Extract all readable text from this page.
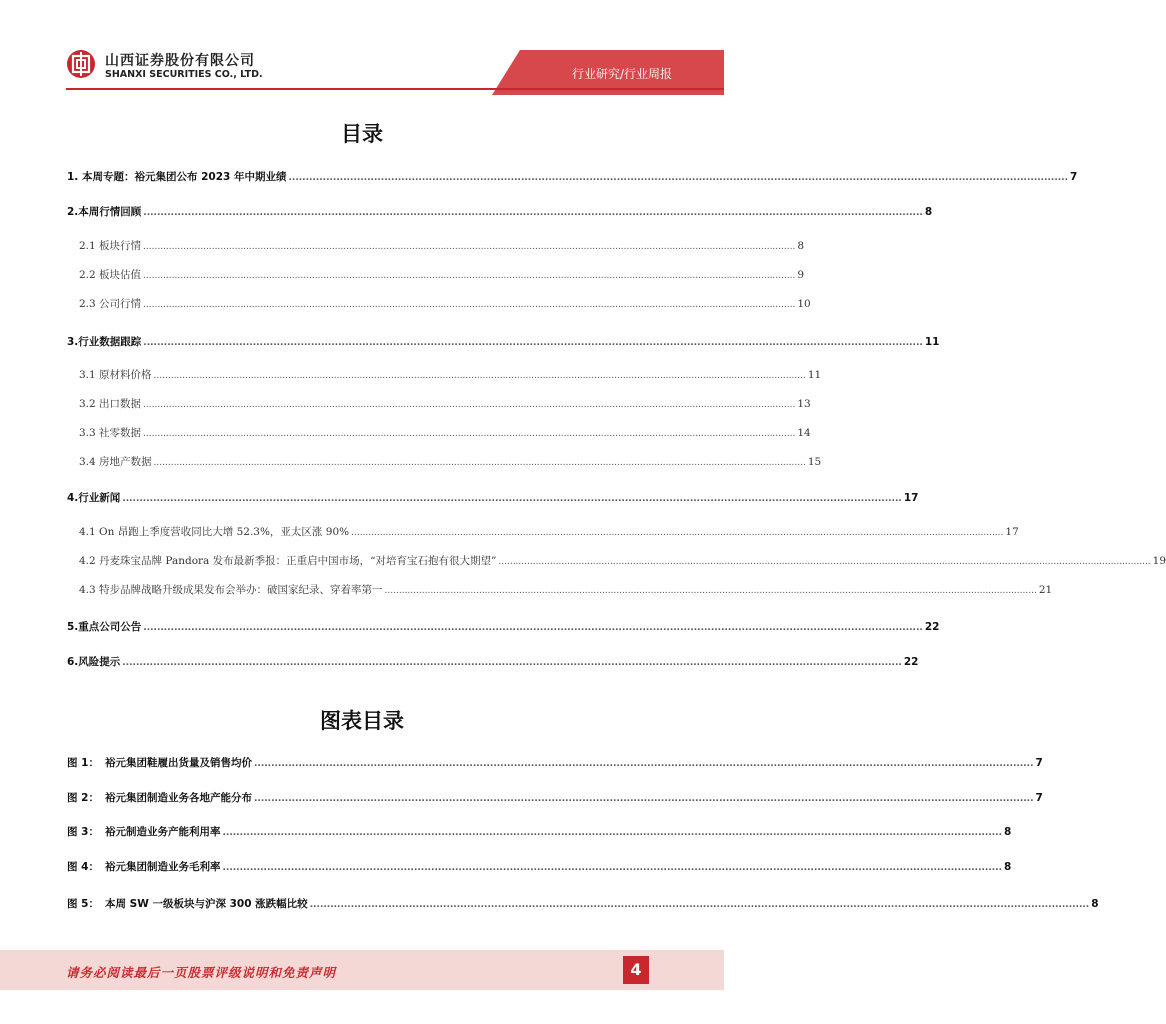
山西证券股份有限公司
SHANXI SECURITIES CO., LTD.	行业研究/行业周报
目录
1. 本周专题：裕元集团公布 2023 年中期业绩 .................................................................................................................................................................................................................................... 7
2.本周行情回顾 .................................................................................................................................................................................................................................... 8
2.1 板块行情 .................................................................................................................................................................................................................................... 8
2.2 板块估值 .................................................................................................................................................................................................................................... 9
2.3 公司行情 .................................................................................................................................................................................................................................... 10
3.行业数据跟踪 .................................................................................................................................................................................................................................... 11
3.1 原材料价格 .................................................................................................................................................................................................................................... 11
3.2 出口数据 .................................................................................................................................................................................................................................... 13
3.3 社零数据 .................................................................................................................................................................................................................................... 14
3.4 房地产数据 .................................................................................................................................................................................................................................... 15
4.行业新闻 .................................................................................................................................................................................................................................... 17
4.1 On 昂跑上季度营收同比大增 52.3%，亚太区涨 90% .................................................................................................................................................................................................................................... 17
4.2 丹麦珠宝品牌 Pandora 发布最新季报：正重启中国市场，“对培育宝石抱有很大期望” .................................................................................................................................................................................................................................... 19
4.3 特步品牌战略升级成果发布会举办：破国家纪录、穿着率第一 .................................................................................................................................................................................................................................... 21
5.重点公司公告 .................................................................................................................................................................................................................................... 22
6.风险提示 .................................................................................................................................................................................................................................... 22
图表目录
图 1： 裕元集团鞋履出货量及销售均价 .................................................................................................................................................................................................................................... 7
图 2： 裕元集团制造业务各地产能分布 .................................................................................................................................................................................................................................... 7
图 3： 裕元制造业务产能利用率 .................................................................................................................................................................................................................................... 8
图 4： 裕元集团制造业务毛利率 .................................................................................................................................................................................................................................... 8
图 5： 本周 SW 一级板块与沪深 300 涨跌幅比较 .................................................................................................................................................................................................................................... 8
请务必阅读最后一页股票评级说明和免责声明	4
